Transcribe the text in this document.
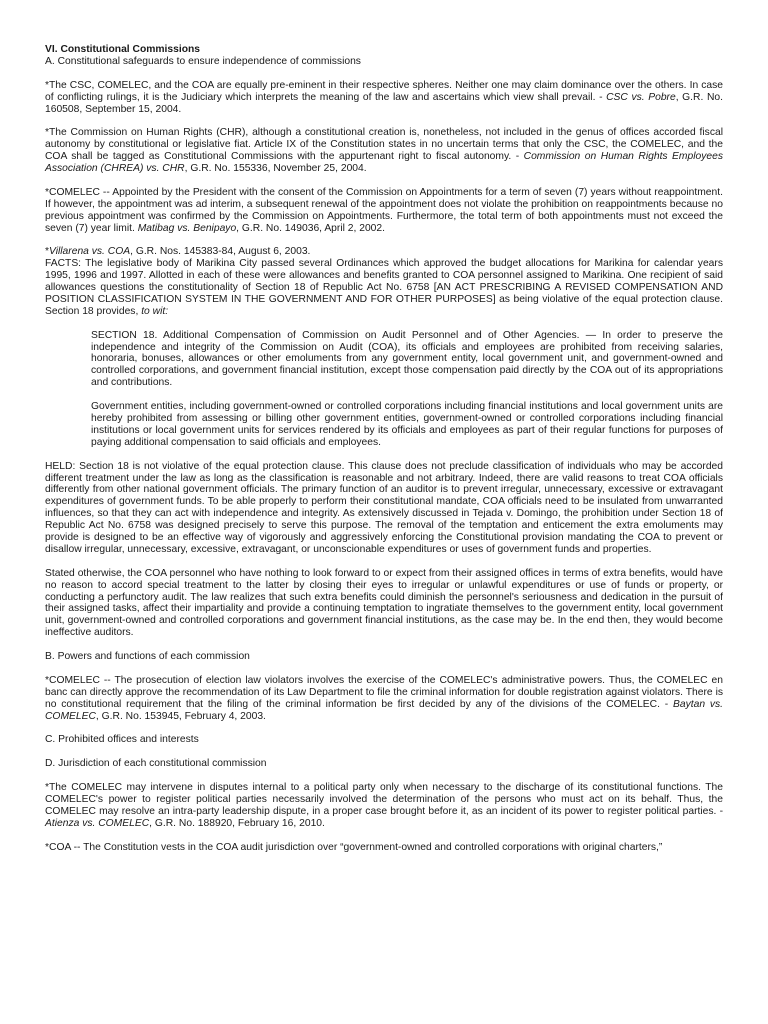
VI. Constitutional Commissions

A. Constitutional safeguards to ensure independence of commissions

*The CSC, COMELEC, and the COA are equally pre-eminent in their respective spheres. Neither one may claim dominance over the others. In case of conflicting rulings, it is the Judiciary which interprets the meaning of the law and ascertains which view shall prevail. - CSC vs. Pobre, G.R. No. 160508, September 15, 2004.

*The Commission on Human Rights (CHR), although a constitutional creation is, nonetheless, not included in the genus of offices accorded fiscal autonomy by constitutional or legislative fiat. Article IX of the Constitution states in no uncertain terms that only the CSC, the COMELEC, and the COA shall be tagged as Constitutional Commissions with the appurtenant right to fiscal autonomy. - Commission on Human Rights Employees Association (CHREA) vs. CHR, G.R. No. 155336, November 25, 2004.

*COMELEC -- Appointed by the President with the consent of the Commission on Appointments for a term of seven (7) years without reappointment. If however, the appointment was ad interim, a subsequent renewal of the appointment does not violate the prohibition on reappointments because no previous appointment was confirmed by the Commission on Appointments. Furthermore, the total term of both appointments must not exceed the seven (7) year limit. Matibag vs. Benipayo, G.R. No. 149036, April 2, 2002.

*Villarena vs. COA, G.R. Nos. 145383-84, August 6, 2003.

FACTS: The legislative body of Marikina City passed several Ordinances which approved the budget allocations for Marikina for calendar years 1995, 1996 and 1997. Allotted in each of these were allowances and benefits granted to COA personnel assigned to Marikina. One recipient of said allowances questions the constitutionality of Section 18 of Republic Act No. 6758 [AN ACT PRESCRIBING A REVISED COMPENSATION AND POSITION CLASSIFICATION SYSTEM IN THE GOVERNMENT AND FOR OTHER PURPOSES] as being violative of the equal protection clause. Section 18 provides, to wit:

SECTION 18. Additional Compensation of Commission on Audit Personnel and of Other Agencies. — In order to preserve the independence and integrity of the Commission on Audit (COA), its officials and employees are prohibited from receiving salaries, honoraria, bonuses, allowances or other emoluments from any government entity, local government unit, and government-owned and controlled corporations, and government financial institution, except those compensation paid directly by the COA out of its appropriations and contributions.

Government entities, including government-owned or controlled corporations including financial institutions and local government units are hereby prohibited from assessing or billing other government entities, government-owned or controlled corporations including financial institutions or local government units for services rendered by its officials and employees as part of their regular functions for purposes of paying additional compensation to said officials and employees.

HELD: Section 18 is not violative of the equal protection clause. This clause does not preclude classification of individuals who may be accorded different treatment under the law as long as the classification is reasonable and not arbitrary. Indeed, there are valid reasons to treat COA officials differently from other national government officials. The primary function of an auditor is to prevent irregular, unnecessary, excessive or extravagant expenditures of government funds. To be able properly to perform their constitutional mandate, COA officials need to be insulated from unwarranted influences, so that they can act with independence and integrity. As extensively discussed in Tejada v. Domingo, the prohibition under Section 18 of Republic Act No. 6758 was designed precisely to serve this purpose. The removal of the temptation and enticement the extra emoluments may provide is designed to be an effective way of vigorously and aggressively enforcing the Constitutional provision mandating the COA to prevent or disallow irregular, unnecessary, excessive, extravagant, or unconscionable expenditures or uses of government funds and properties.

Stated otherwise, the COA personnel who have nothing to look forward to or expect from their assigned offices in terms of extra benefits, would have no reason to accord special treatment to the latter by closing their eyes to irregular or unlawful expenditures or use of funds or property, or conducting a perfunctory audit. The law realizes that such extra benefits could diminish the personnel's seriousness and dedication in the pursuit of their assigned tasks, affect their impartiality and provide a continuing temptation to ingratiate themselves to the government entity, local government unit, government-owned and controlled corporations and government financial institutions, as the case may be. In the end then, they would become ineffective auditors.

B. Powers and functions of each commission

*COMELEC -- The prosecution of election law violators involves the exercise of the COMELEC's administrative powers. Thus, the COMELEC en banc can directly approve the recommendation of its Law Department to file the criminal information for double registration against violators. There is no constitutional requirement that the filing of the criminal information be first decided by any of the divisions of the COMELEC. - Baytan vs. COMELEC, G.R. No. 153945, February 4, 2003.

C. Prohibited offices and interests

D. Jurisdiction of each constitutional commission

*The COMELEC may intervene in disputes internal to a political party only when necessary to the discharge of its constitutional functions. The COMELEC's power to register political parties necessarily involved the determination of the persons who must act on its behalf. Thus, the COMELEC may resolve an intra-party leadership dispute, in a proper case brought before it, as an incident of its power to register political parties. - Atienza vs. COMELEC, G.R. No. 188920, February 16, 2010.

*COA -- The Constitution vests in the COA audit jurisdiction over “government-owned and controlled corporations with original charters,”
